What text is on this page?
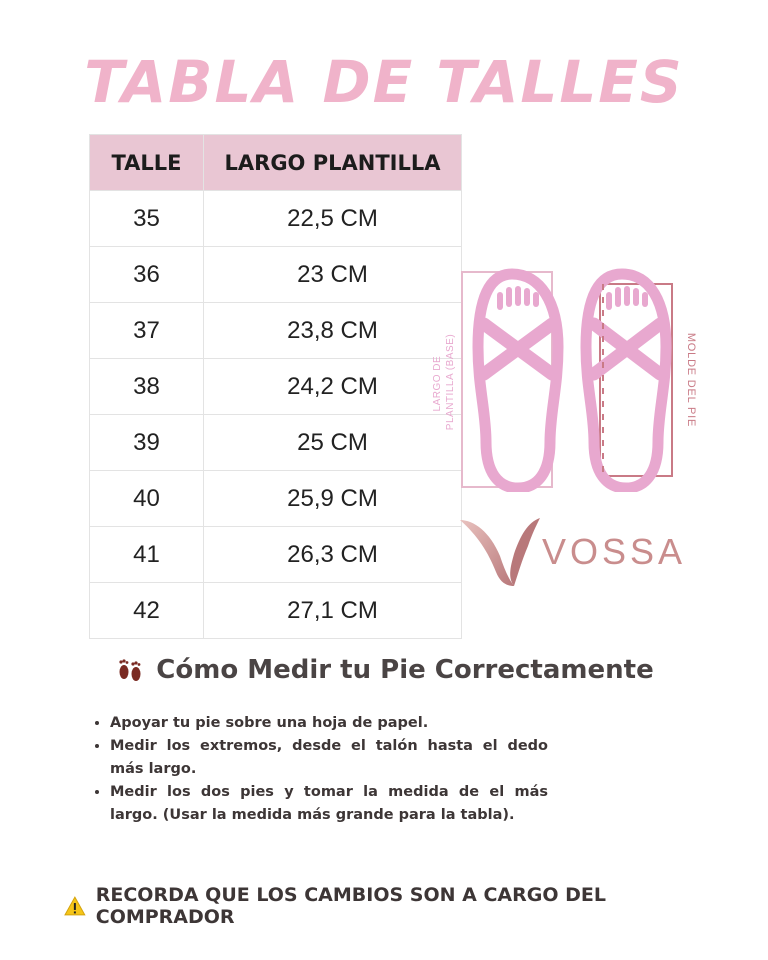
TABLA DE TALLES
TALLE	LARGO PLANTILLA
35	22,5 CM
36	23 CM
37	23,8 CM
38	24,2 CM
39	25 CM
40	25,9 CM
41	26,3 CM
42	27,1 CM
LARGO DE PLANTILLA (BASE)	MOLDE DEL PIE
VOSSA
Cómo Medir tu Pie Correctamente
• Apoyar tu pie sobre una hoja de papel.
• Medir los extremos, desde el talón hasta el dedo más largo.
• Medir los dos pies y tomar la medida de el más largo. (Usar la medida más grande para la tabla).
RECORDA QUE LOS CAMBIOS SON A CARGO DEL COMPRADOR
